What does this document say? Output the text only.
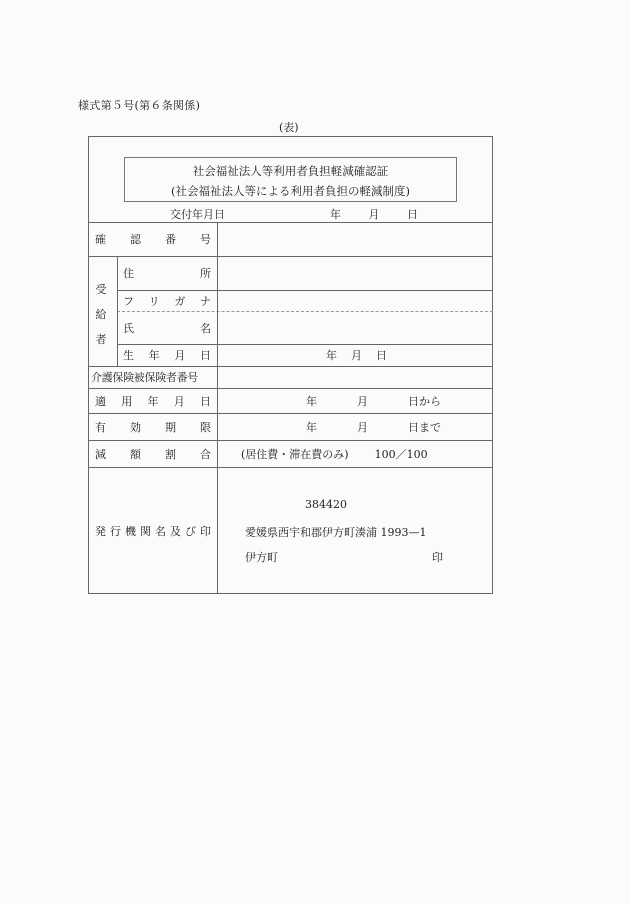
様式第５号(第６条関係)
(表)
社会福祉法人等利用者負担軽減確認証
(社会福祉法人等による利用者負担の軽減制度)
交付年月日	年	月	日
確 認 番 号
受
給
者
住	所
フ リ ガ ナ
氏	名
生 年 月 日	年 月 日
介護保険被保険者番号
適 用 年 月 日	年	月	日から
有 効 期 限	年	月	日まで
減 額 割 合	(居住費・滞在費のみ) 100／100
発 行 機 関 名 及 び 印
384420
愛媛県西宇和郡伊方町湊浦 1993—1
伊方町	印
